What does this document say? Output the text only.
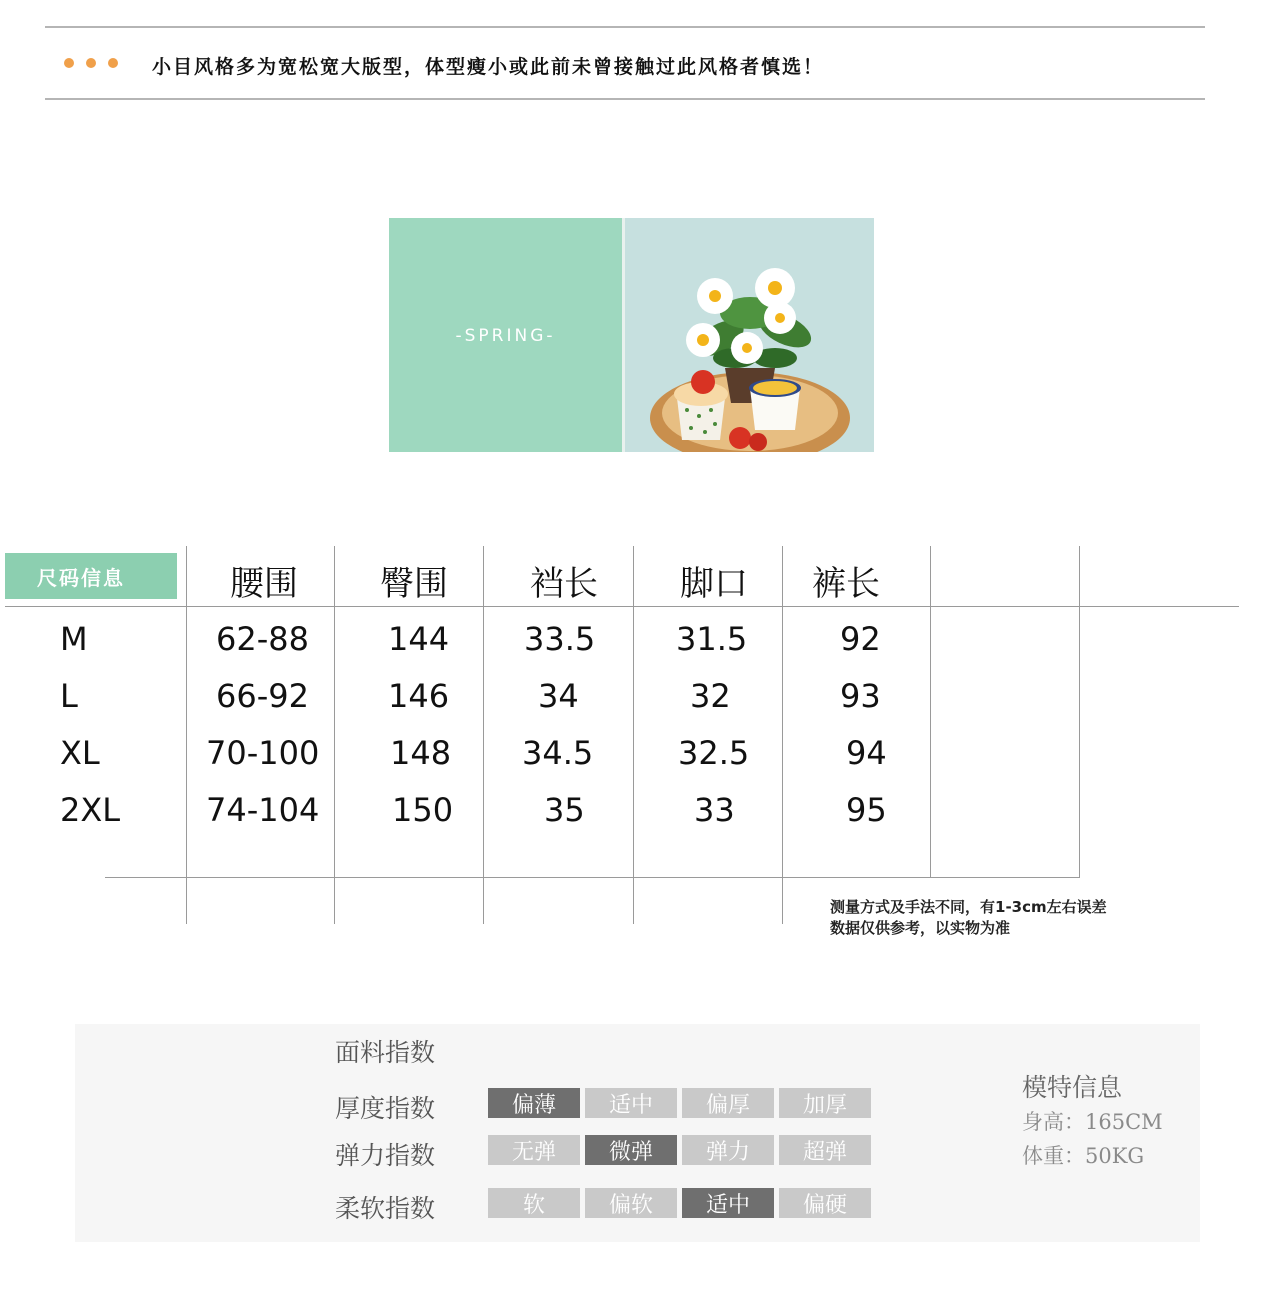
小目风格多为宽松宽大版型，体型瘦小或此前未曾接触过此风格者慎选！
-SPRING-
尺码信息	腰围 臀围 裆长 脚口 裤长
M	62-88 144 33.5	31.5	92
L	66-92 146	34	32	93
XL	70-100 148 34.5	32.5	94
2XL	74-104 150	35	33	95
测量方式及手法不同，有1-3cm左右误差
数据仅供参考，以实物为准
面料指数
厚度指数	偏薄	适中	偏厚	加厚
弹力指数	无弹	微弹	弹力	超弹
柔软指数	软	偏软	适中	偏硬
模特信息
身高：165CM
体重：50KG
